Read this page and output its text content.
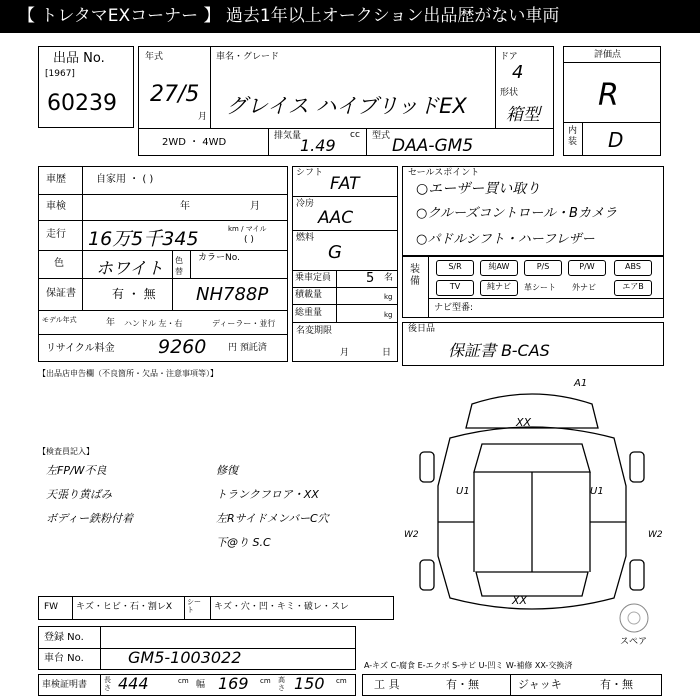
【 トレタマEXコーナー 】 過去1年以上オークション出品歴がない車両
出品 No.
[1967]
60239
年式
27/5
月
車名・グレード
グレイス ハイブリッドEX
ドア
4
形状
箱型
2WD ・ 4WD
排気量	cc
1.49	型式 DAA-GM5
評価点
R
内装 D
車歴	自家用 ・ ( )
車検	年	月
走行 16万5千345	km / マイル
( )
色 ホワイト 色替
カラーNo.
保証書	有 ・ 無 NH788P
モデル年式	年 ハンドル 左・右	ディーラー・並行
リサイクル料金 9260 円 預託済
シフト
FAT
冷房
AAC
燃料
G
乗車定員	5 名
積載量	kg
総重量	kg
名変期限
月	日
セールスポイント
○エーザー買い取り
○クルーズコントロール・Bカメラ
○パドルシフト・ハーフレザー
装備
S/R	純AW	P/S	P/W	ABS
TV	純ナビ	革シート 外ナビ	エアB
ナビ型番:
後日品
保証書 B-CAS
【出品店申告欄（不良箇所・欠品・注意事項等）】
【検査員記入】
左FP/W不良
天張り黄ばみ
ボディー鉄粉付着
修復
トランクフロア・XX
左RサイドメンバーC穴
下@り S.C
A1
XX
U1	U1
W2	W2
XX
スペア
FW キズ・ヒビ・石・割レX シート	キズ・穴・凹・キミ・破レ・スレ
登録 No.
車台 No.	GM5-1003022
車検証明書 長さ 444	cm 幅 169 cm 高さ 150 cm
A-キズ C-腐食 E-エクボ S-サビ U-凹ミ W-補修 XX-交換済
工 具	有・無	ジャッキ	有・無
